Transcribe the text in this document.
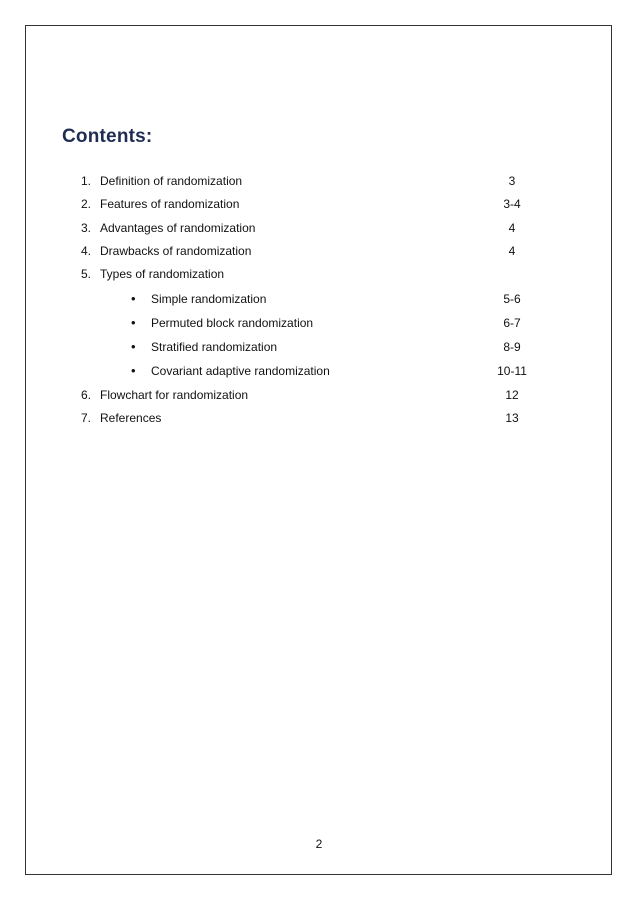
Contents:
1. Definition of randomization	3
2. Features of randomization	3-4
3. Advantages of randomization	4
4. Drawbacks of randomization	4
5. Types of randomization
• Simple randomization	5-6
• Permuted block randomization	6-7
• Stratified randomization	8-9
• Covariant adaptive randomization	10-11
6. Flowchart for randomization	12
7. References	13
2
